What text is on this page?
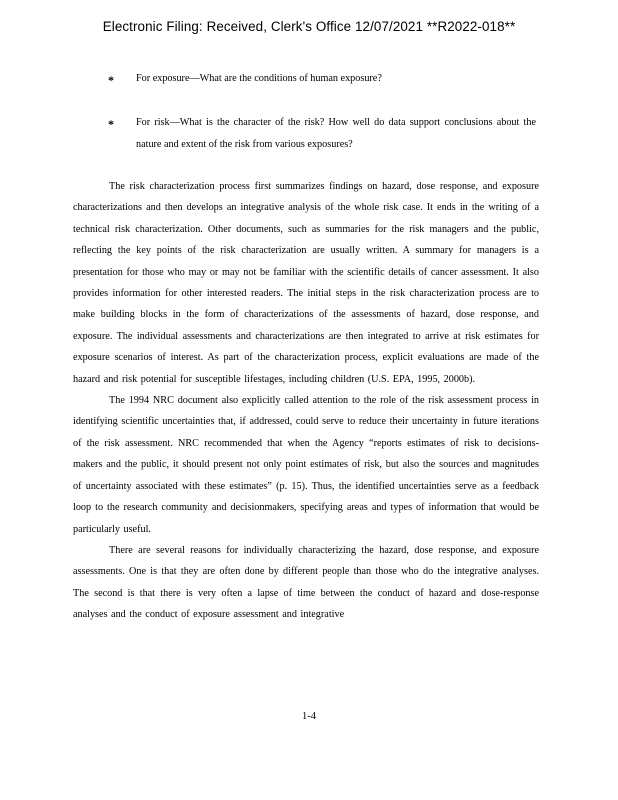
Electronic Filing: Received, Clerk's Office 12/07/2021 **R2022-018**
* For exposure—What are the conditions of human exposure?
* For risk—What is the character of the risk? How well do data support conclusions about the nature and extent of the risk from various exposures?

The risk characterization process first summarizes findings on hazard, dose response, and exposure characterizations and then develops an integrative analysis of the whole risk case. It ends in the writing of a technical risk characterization. Other documents, such as summaries for the risk managers and the public, reflecting the key points of the risk characterization are usually written. A summary for managers is a presentation for those who may or may not be familiar with the scientific details of cancer assessment. It also provides information for other interested readers. The initial steps in the risk characterization process are to make building blocks in the form of characterizations of the assessments of hazard, dose response, and exposure. The individual assessments and characterizations are then integrated to arrive at risk estimates for exposure scenarios of interest. As part of the characterization process, explicit evaluations are made of the hazard and risk potential for susceptible lifestages, including children (U.S. EPA, 1995, 2000b).

The 1994 NRC document also explicitly called attention to the role of the risk assessment process in identifying scientific uncertainties that, if addressed, could serve to reduce their uncertainty in future iterations of the risk assessment. NRC recommended that when the Agency “reports estimates of risk to decisions-makers and the public, it should present not only point estimates of risk, but also the sources and magnitudes of uncertainty associated with these estimates” (p. 15). Thus, the identified uncertainties serve as a feedback loop to the research community and decisionmakers, specifying areas and types of information that would be particularly useful.

There are several reasons for individually characterizing the hazard, dose response, and exposure assessments. One is that they are often done by different people than those who do the integrative analyses. The second is that there is very often a lapse of time between the conduct of hazard and dose-response analyses and the conduct of exposure assessment and integrative

1-4
